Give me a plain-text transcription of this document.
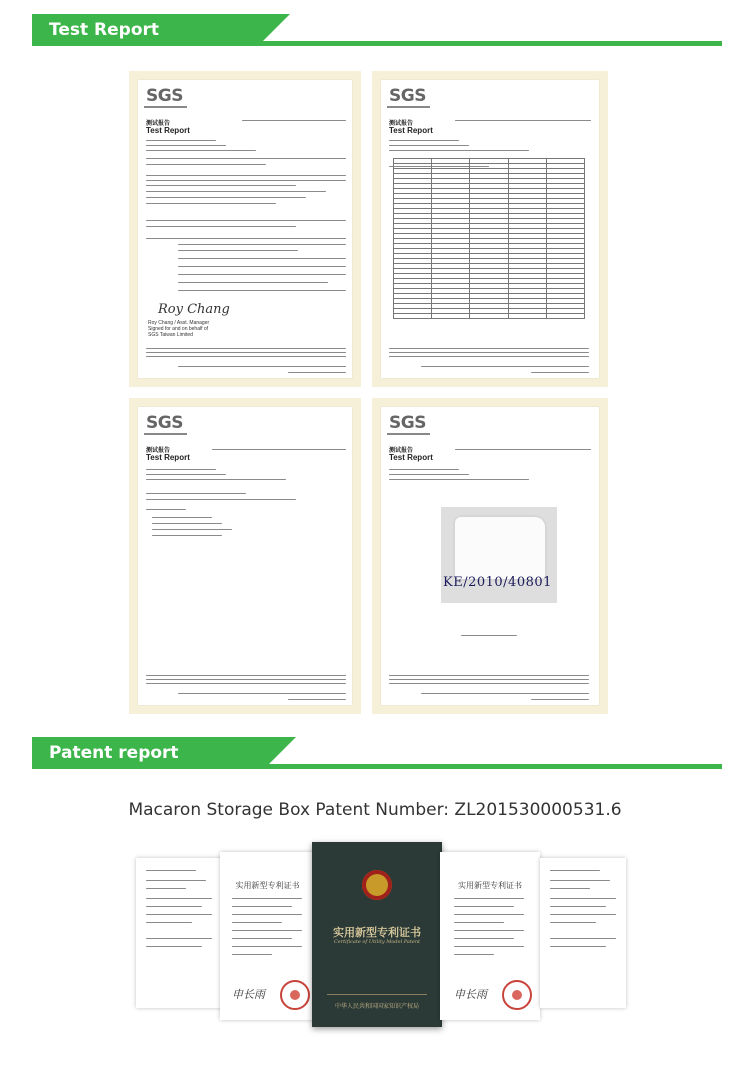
Test Report
SGS
测试报告
Test Report
Roy Chang
Roy Chang / Asst. Manager
Signed for and on behalf of
SGS Taiwan Limited
SGS
测试报告
Test Report

SGS
测试报告
Test Report
SGS
测试报告
Test Report
KE/2010/40801
Patent report
Macaron Storage Box Patent Number: ZL201530000531.6
实用新型专利证书
申长雨
实用新型专利证书
Certificate of Utility Model Patent
中华人民共和国国家知识产权局
实用新型专利证书
申长雨
